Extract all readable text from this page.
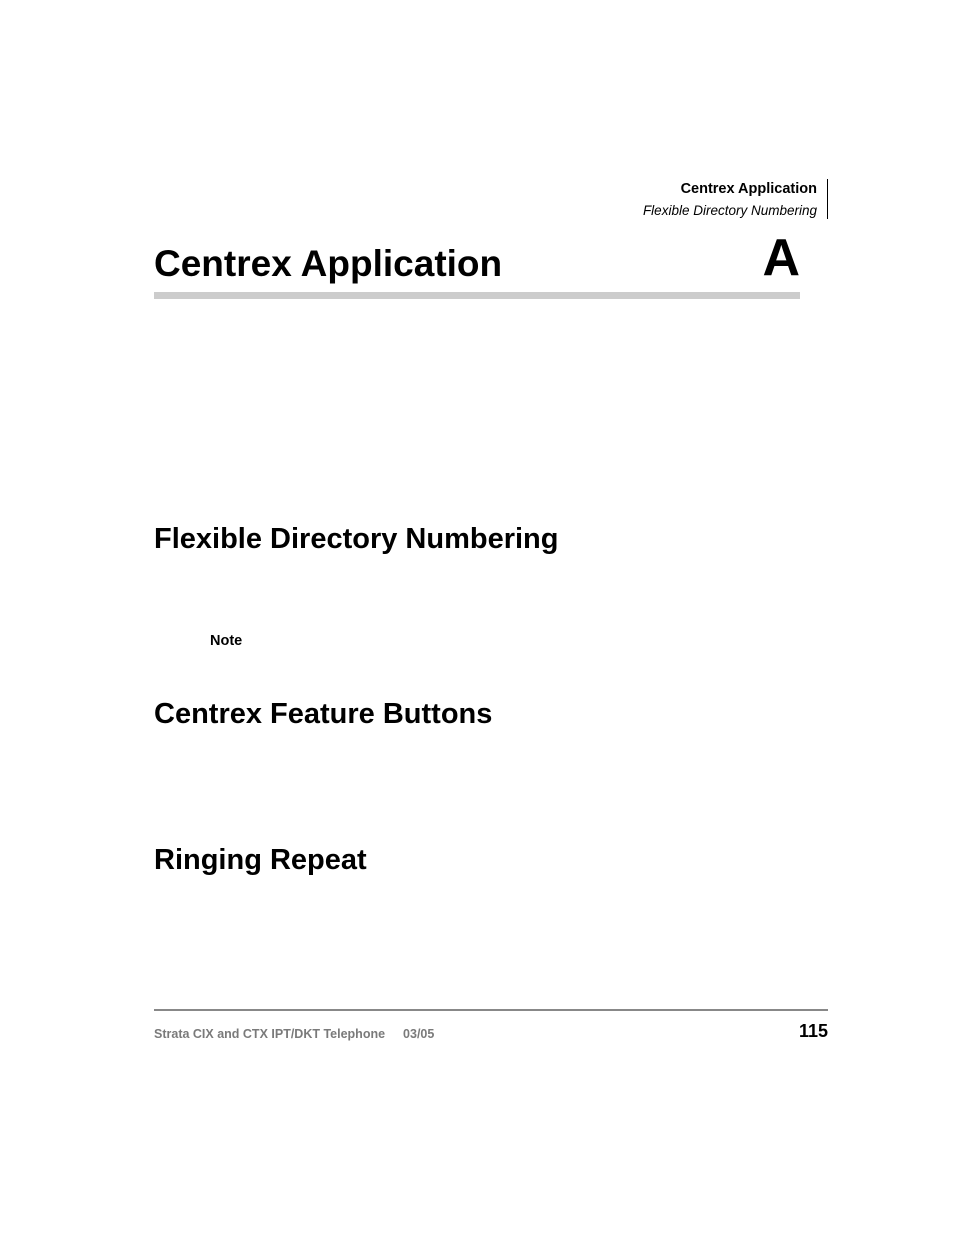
Centrex Application
Flexible Directory Numbering
Centrex Application	A
Flexible Directory Numbering
Note
Centrex Feature Buttons
Ringing Repeat
Strata CIX and CTX IPT/DKT Telephone 03/05	115
